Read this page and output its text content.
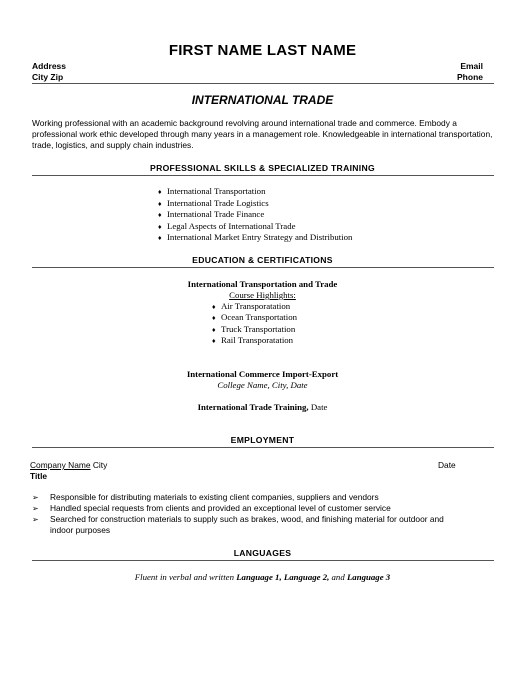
FIRST NAME LAST NAME
Address
City Zip
Email
Phone
INTERNATIONAL TRADE
Working professional with an academic background revolving around international trade and commerce. Embody a professional work ethic developed through many years in a management role. Knowledgeable in international transportation, trade, logistics, and supply chain industries.
PROFESSIONAL SKILLS & SPECIALIZED TRAINING
♦ International Transportation
♦ International Trade Logistics
♦ International Trade Finance
♦ Legal Aspects of International Trade
♦ International Market Entry Strategy and Distribution
EDUCATION & CERTIFICATIONS
International Transportation and Trade
Course Highlights:
♦ Air Transporatation
♦ Ocean Transportation
♦ Truck Transportation
♦ Rail Transporatation
International Commerce Import-Export
College Name, City, Date
International Trade Training, Date
EMPLOYMENT
Company Name City	Date
Title
➢ Responsible for distributing materials to existing client companies, suppliers and vendors
➢ Handled special requests from clients and provided an exceptional level of customer service
➢ Searched for construction materials to supply such as brakes, wood, and finishing material for outdoor and
indoor purposes
LANGUAGES
Fluent in verbal and written Language 1, Language 2, and Language 3
